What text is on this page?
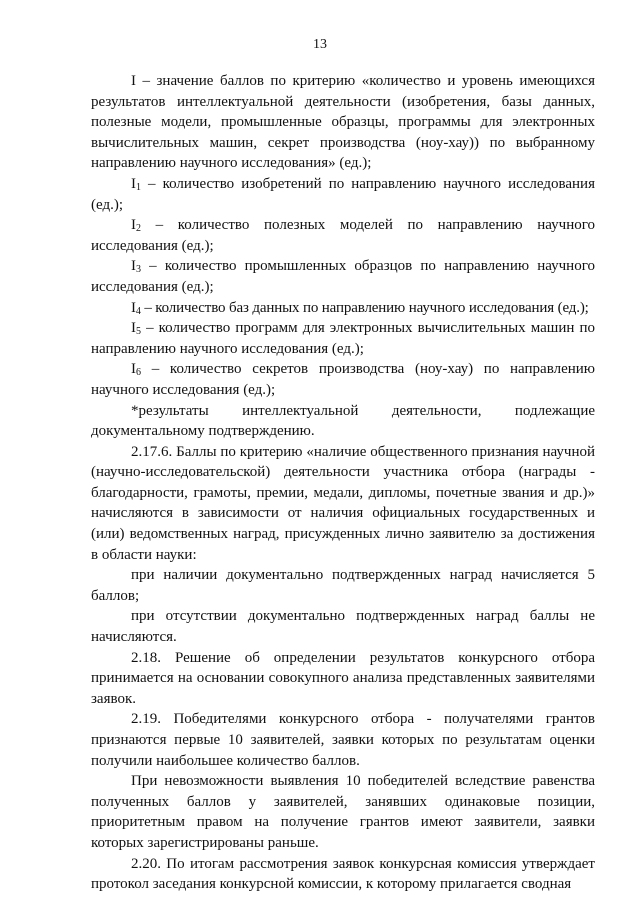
13

I – значение баллов по критерию «количество и уровень имеющихся результатов интеллектуальной деятельности (изобретения, базы данных, полезные модели, промышленные образцы, программы для электронных вычислительных машин, секрет производства (ноу-хау)) по выбранному направлению научного исследования» (ед.);

$I_1$ – количество изобретений по направлению научного исследования (ед.);

$I_2$ – количество полезных моделей по направлению научного исследования (ед.);

$I_3$ – количество промышленных образцов по направлению научного исследования (ед.);

$I_4$ – количество баз данных по направлению научного исследования (ед.);

$I_5$ – количество программ для электронных вычислительных машин по направлению научного исследования (ед.);

$I_6$ – количество секретов производства (ноу-хау) по направлению научного исследования (ед.);

*результаты интеллектуальной деятельности, подлежащие документальному подтверждению.

2.17.6. Баллы по критерию «наличие общественного признания научной (научно-исследовательской) деятельности участника отбора (награды - благодарности, грамоты, премии, медали, дипломы, почетные звания и др.)» начисляются в зависимости от наличия официальных государственных и (или) ведомственных наград, присужденных лично заявителю за достижения в области науки:

при наличии документально подтвержденных наград начисляется 5 баллов;

при отсутствии документально подтвержденных наград баллы не начисляются.

2.18. Решение об определении результатов конкурсного отбора принимается на основании совокупного анализа представленных заявителями заявок.

2.19. Победителями конкурсного отбора - получателями грантов признаются первые 10 заявителей, заявки которых по результатам оценки получили наибольшее количество баллов.

При невозможности выявления 10 победителей вследствие равенства полученных баллов у заявителей, занявших одинаковые позиции, приоритетным правом на получение грантов имеют заявители, заявки которых зарегистрированы раньше.

2.20. По итогам рассмотрения заявок конкурсная комиссия утверждает протокол заседания конкурсной комиссии, к которому прилагается сводная
